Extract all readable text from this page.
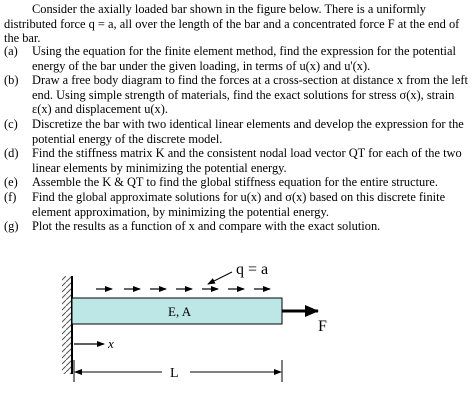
Consider the axially loaded bar shown in the figure below. There is a uniformly distributed force q = a, all over the length of the bar and a concentrated force F at the end of the bar.
(a)	Using the equation for the finite element method, find the expression for the potential energy of the bar under the given loading, in terms of u(x) and u'(x).
(b)	Draw a free body diagram to find the forces at a cross-section at distance x from the left end. Using simple strength of materials, find the exact solutions for stress σ(x), strain ε(x) and displacement u(x).
(c)	Discretize the bar with two identical linear elements and develop the expression for the potential energy of the discrete model.
(d)	Find the stiffness matrix K and the consistent nodal load vector QT for each of the two linear elements by minimizing the potential energy.
(e)	Assemble the K & QT to find the global stiffness equation for the entire structure.
(f)	Find the global approximate solutions for u(x) and σ(x) based on this discrete finite element approximation, by minimizing the potential energy.
(g)	Plot the results as a function of x and compare with the exact solution.
q = a
E, A
F
x
L
